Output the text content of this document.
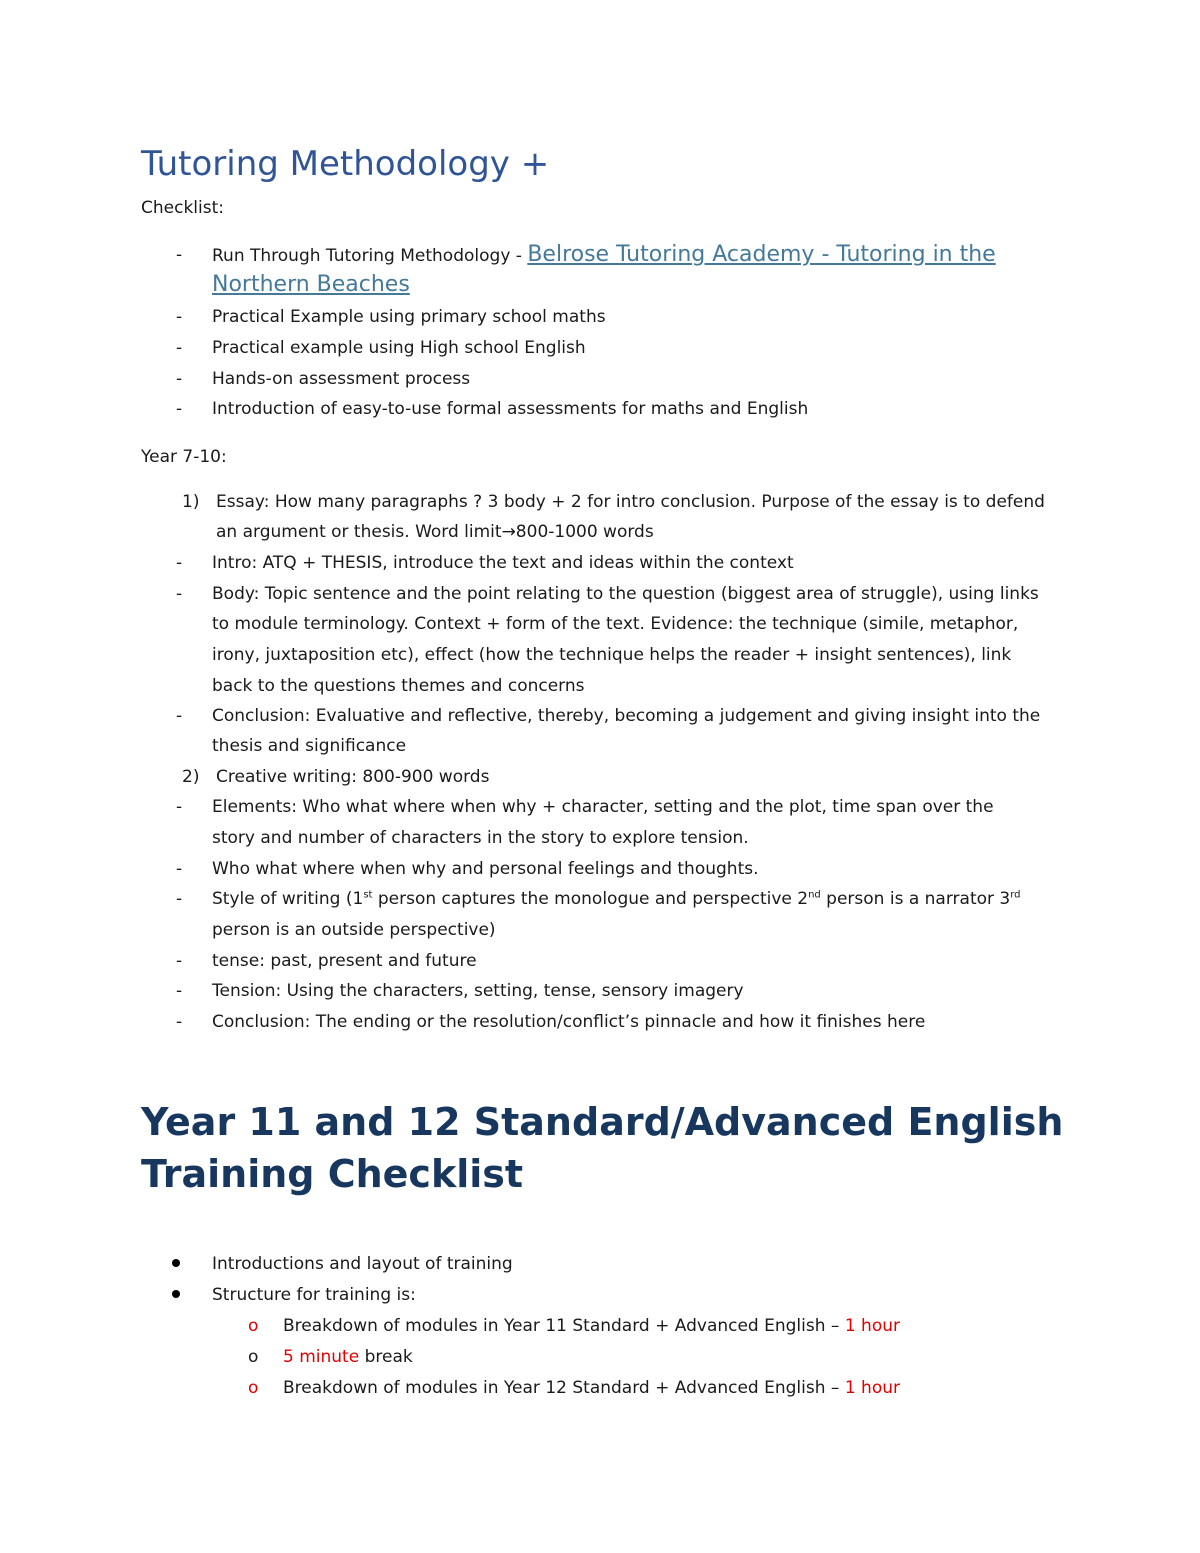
Tutoring Methodology +
Checklist:
- Run Through Tutoring Methodology - Belrose Tutoring Academy - Tutoring in the
Northern Beaches
- Practical Example using primary school maths
- Practical example using High school English
- Hands-on assessment process
- Introduction of easy-to-use formal assessments for maths and English
Year 7-10:
1) Essay: How many paragraphs ? 3 body + 2 for intro conclusion. Purpose of the essay is to defend
an argument or thesis. Word limit→800-1000 words
- Intro: ATQ + THESIS, introduce the text and ideas within the context
- Body: Topic sentence and the point relating to the question (biggest area of struggle), using links
to module terminology. Context + form of the text. Evidence: the technique (simile, metaphor,
irony, juxtaposition etc), effect (how the technique helps the reader + insight sentences), link
back to the questions themes and concerns
- Conclusion: Evaluative and reflective, thereby, becoming a judgement and giving insight into the
thesis and significance
2) Creative writing: 800-900 words
- Elements: Who what where when why + character, setting and the plot, time span over the
story and number of characters in the story to explore tension.
- Who what where when why and personal feelings and thoughts.
- Style of writing (1st person captures the monologue and perspective 2nd person is a narrator 3rd
person is an outside perspective)
- tense: past, present and future
- Tension: Using the characters, setting, tense, sensory imagery
- Conclusion: The ending or the resolution/conflict’s pinnacle and how it finishes here
Year 11 and 12 Standard/Advanced English Training Checklist
Introductions and layout of training
Structure for training is:
o Breakdown of modules in Year 11 Standard + Advanced English – 1 hour
o 5 minute break
o Breakdown of modules in Year 12 Standard + Advanced English – 1 hour
